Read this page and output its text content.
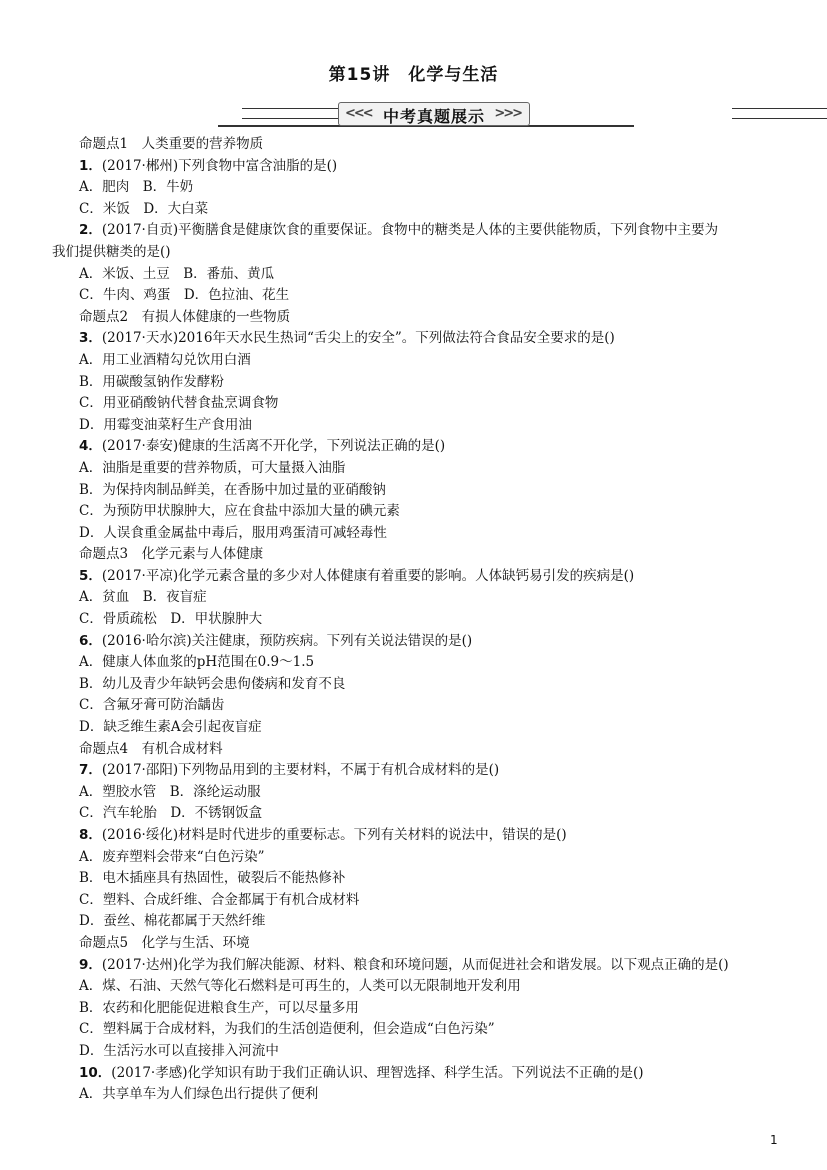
第15讲　化学与生活
<<< 中考真题展示 >>>
命题点1　人类重要的营养物质
1．(2017·郴州)下列食物中富含油脂的是()
A．肥肉　B．牛奶
C．米饭　D．大白菜
2．(2017·自贡)平衡膳食是健康饮食的重要保证。食物中的糖类是人体的主要供能物质，下列食物中主要为
我们提供糖类的是()
A．米饭、土豆　B．番茄、黄瓜
C．牛肉、鸡蛋　D．色拉油、花生
命题点2　有损人体健康的一些物质
3．(2017·天水)2016年天水民生热词“舌尖上的安全”。下列做法符合食品安全要求的是()
A．用工业酒精勾兑饮用白酒
B．用碳酸氢钠作发酵粉
C．用亚硝酸钠代替食盐烹调食物
D．用霉变油菜籽生产食用油
4．(2017·泰安)健康的生活离不开化学，下列说法正确的是()
A．油脂是重要的营养物质，可大量摄入油脂
B．为保持肉制品鲜美，在香肠中加过量的亚硝酸钠
C．为预防甲状腺肿大，应在食盐中添加大量的碘元素
D．人误食重金属盐中毒后，服用鸡蛋清可减轻毒性
命题点3　化学元素与人体健康
5．(2017·平凉)化学元素含量的多少对人体健康有着重要的影响。人体缺钙易引发的疾病是()
A．贫血　B．夜盲症
C．骨质疏松　D．甲状腺肿大
6．(2016·哈尔滨)关注健康，预防疾病。下列有关说法错误的是()
A．健康人体血浆的pH范围在0.9～1.5
B．幼儿及青少年缺钙会患佝偻病和发育不良
C．含氟牙膏可防治龋齿
D．缺乏维生素A会引起夜盲症
命题点4　有机合成材料
7．(2017·邵阳)下列物品用到的主要材料，不属于有机合成材料的是()
A．塑胶水管　B．涤纶运动服
C．汽车轮胎　D．不锈钢饭盒
8．(2016·绥化)材料是时代进步的重要标志。下列有关材料的说法中，错误的是()
A．废弃塑料会带来“白色污染”
B．电木插座具有热固性，破裂后不能热修补
C．塑料、合成纤维、合金都属于有机合成材料
D．蚕丝、棉花都属于天然纤维
命题点5　化学与生活、环境
9．(2017·达州)化学为我们解决能源、材料、粮食和环境问题，从而促进社会和谐发展。以下观点正确的是()
A．煤、石油、天然气等化石燃料是可再生的，人类可以无限制地开发利用
B．农药和化肥能促进粮食生产，可以尽量多用
C．塑料属于合成材料，为我们的生活创造便利，但会造成“白色污染”
D．生活污水可以直接排入河流中
10．(2017·孝感)化学知识有助于我们正确认识、理智选择、科学生活。下列说法不正确的是()
A．共享单车为人们绿色出行提供了便利
1
